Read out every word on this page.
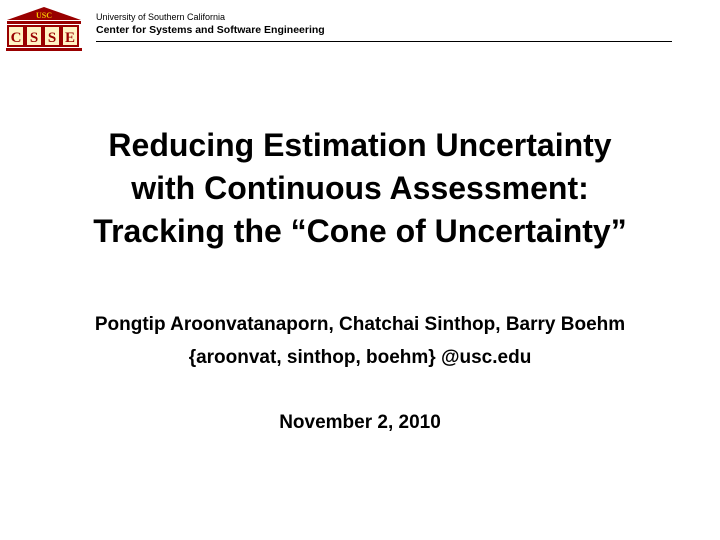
USC
C S S E
University of Southern California
Center for Systems and Software Engineering
Reducing Estimation Uncertainty
with Continuous Assessment:
Tracking the “Cone of Uncertainty”
Pongtip Aroonvatanaporn, Chatchai Sinthop, Barry Boehm
{aroonvat, sinthop, boehm} @usc.edu
November 2, 2010
